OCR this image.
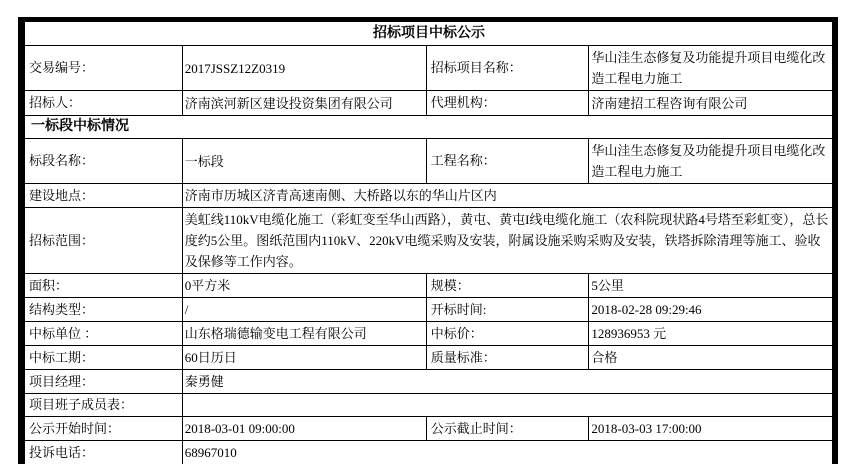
招标项目中标公示			
交易编号：	2017JSSZ12Z0319	招标项目名称：	华山洼生态修复及功能提升项目电缆化改造工程电力施工
招标人：	济南滨河新区建设投资集团有限公司	代理机构：	济南建招工程咨询有限公司
一标段中标情况			
标段名称：	一标段	工程名称：	华山洼生态修复及功能提升项目电缆化改造工程电力施工
建设地点：	济南市历城区济青高速南侧、大桥路以东的华山片区内		
招标范围：	美虹线110kV电缆化施工（彩虹变至华山西路），黄屯、黄屯I线电缆化施工（农科院现状路4号塔至彩虹变），总长度约5公里。图纸范围内110kV、220kV电缆采购及安装，附属设施采购采购及安装，铁塔拆除清理等施工、验收及保修等工作内容。		
面积：	0平方米	规模：	5公里
结构类型：	/	开标时间:	2018-02-28 09:29:46
中标单位 ：	山东格瑞德输变电工程有限公司	中标价：	128936953 元
中标工期：	60日历日	质量标准：	合格
项目经理：	秦勇健		
项目班子成员表：			
公示开始时间：	2018-03-01 09:00:00	公示截止时间：	2018-03-03 17:00:00
投诉电话：	68967010		
